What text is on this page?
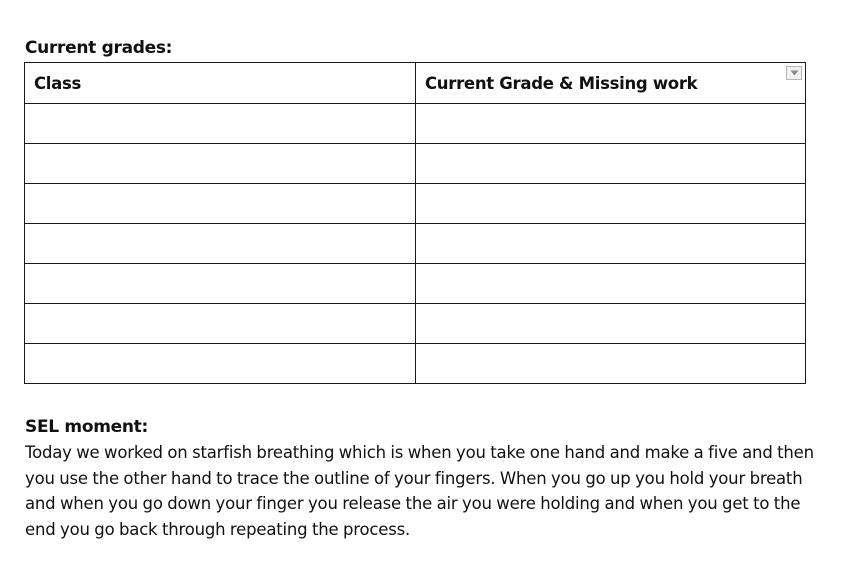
Current grades:
Class	Current Grade & Missing work

SEL moment:

Today we worked on starfish breathing which is when you take one hand and make a five and then you use the other hand to trace the outline of your fingers. When you go up you hold your breath and when you go down your finger you release the air you were holding and when you get to the end you go back through repeating the process.
